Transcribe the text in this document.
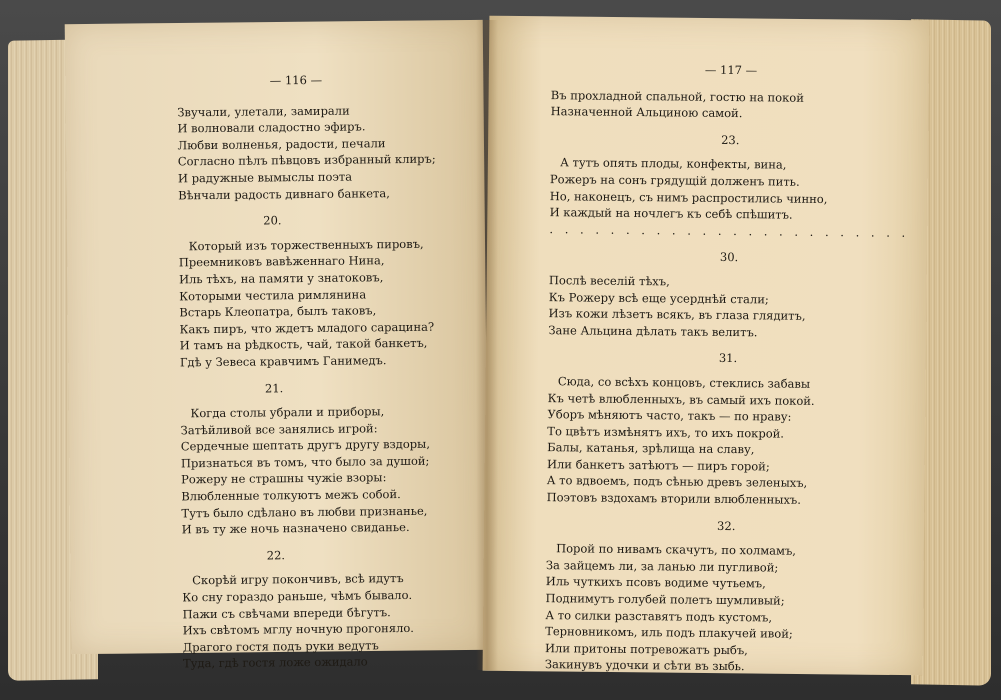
— 116 —
Звучали, улетали, замирали
И волновали сладостно эфиръ.
Любви волненья, радости, печали
Согласно пѣлъ пѣвцовъ избранный клиръ;
И радужные вымыслы поэта
Вѣнчали радость дивнаго банкета,
20.
Который изъ торжественныхъ пировъ,
Преемниковъ вавѣженнаго Нина,
Иль тѣхъ, на памяти у знатоковъ,
Которыми честила римлянина
Встарь Клеопатра, былъ таковъ,
Какъ пиръ, что ждетъ младого сарацина?
И тамъ на рѣдкость, чай, такой банкетъ,
Гдѣ у Зевеса кравчимъ Ганимедъ.
21.
Когда столы убрали и приборы,
Затѣйливой все занялись игрой:
Сердечные шептать другъ другу вздоры,
Признаться въ томъ, что было за душой;
Рожеру не страшны чужіе взоры:
Влюбленные толкуютъ межъ собой.
Тутъ было сдѣлано въ любви признанье,
И въ ту же ночь назначено свиданье.
22.
Скорѣй игру покончивъ, всѣ идутъ
Ко сну гораздо раньше, чѣмъ бывало.
Пажи съ свѣчами впереди бѣгутъ.
Ихъ свѣтомъ мглу ночную прогоняло.
Драгого гостя подъ руки ведутъ
Туда, гдѣ гостя ложе ожидало
— 117 —
Въ прохладной спальной, гостю на покой
Назначенной Альциною самой.
23.
А тутъ опять плоды, конфекты, вина,
Рожеръ на сонъ грядущій долженъ пить.
Но, наконецъ, съ нимъ распростились чинно,
И каждый на ночлегъ къ себѣ спѣшитъ.
. . . . . . . . . . . . . . . . . . . . . . . .
30.
Послѣ веселій тѣхъ,
Къ Рожеру всѣ еще усерднѣй стали;
Изъ кожи лѣзетъ всякъ, въ глаза глядитъ,
Зане Альцина дѣлать такъ велитъ.
31.
Сюда, со всѣхъ концовъ, стеклись забавы
Къ четѣ влюбленныхъ, въ самый ихъ покой.
Уборъ мѣняютъ часто, такъ — по нраву:
То цвѣтъ измѣнятъ ихъ, то ихъ покрой.
Балы, катанья, зрѣлища на славу,
Или банкетъ затѣютъ — пиръ горой;
А то вдвоемъ, подъ сѣнью древъ зеленыхъ,
Поэтовъ вздохамъ вторили влюбленныхъ.
32.
Порой по нивамъ скачутъ, по холмамъ,
За зайцемъ ли, за ланью ли пугливой;
Иль чуткихъ псовъ водиме чутьемъ,
Поднимутъ голубей полетъ шумливый;
А то силки разставятъ подъ кустомъ,
Терновникомъ, иль подъ плакучей ивой;
Или притоны потревожатъ рыбъ,
Закинувъ удочки и сѣти въ зыбь.
